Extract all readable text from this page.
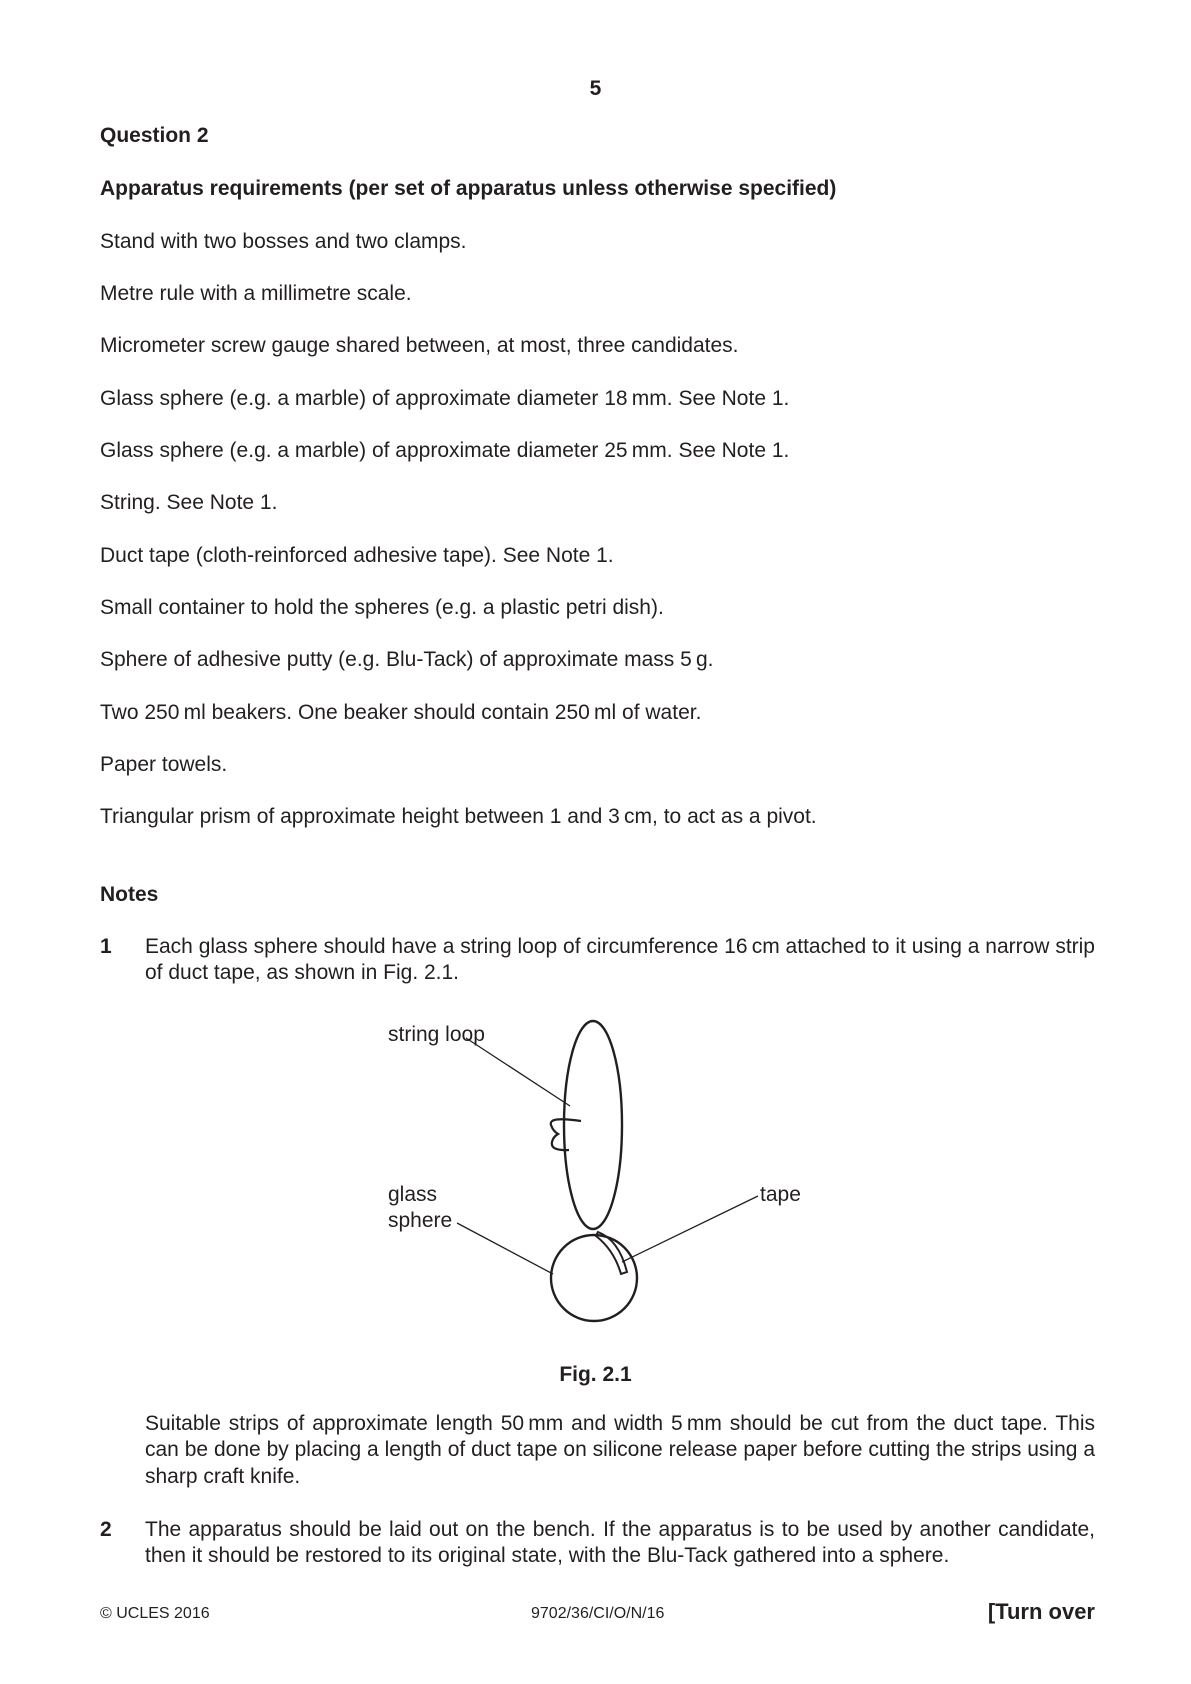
5
Question 2
Apparatus requirements (per set of apparatus unless otherwise specified)
Stand with two bosses and two clamps.
Metre rule with a millimetre scale.
Micrometer screw gauge shared between, at most, three candidates.
Glass sphere (e.g. a marble) of approximate diameter 18 mm. See Note 1.
Glass sphere (e.g. a marble) of approximate diameter 25 mm. See Note 1.
String. See Note 1.
Duct tape (cloth-reinforced adhesive tape). See Note 1.
Small container to hold the spheres (e.g. a plastic petri dish).
Sphere of adhesive putty (e.g. Blu-Tack) of approximate mass 5 g.
Two 250 ml beakers. One beaker should contain 250 ml of water.
Paper towels.
Triangular prism of approximate height between 1 and 3 cm, to act as a pivot.
Notes
1 Each glass sphere should have a string loop of circumference 16 cm attached to it using a narrow strip of duct tape, as shown in Fig. 2.1.
string loop
glass
sphere
tape
Fig. 2.1
Suitable strips of approximate length 50 mm and width 5 mm should be cut from the duct tape. This can be done by placing a length of duct tape on silicone release paper before cutting the strips using a sharp craft knife.
2 The apparatus should be laid out on the bench. If the apparatus is to be used by another candidate, then it should be restored to its original state, with the Blu-Tack gathered into a sphere.
© UCLES 2016	9702/36/CI/O/N/16	[Turn over
